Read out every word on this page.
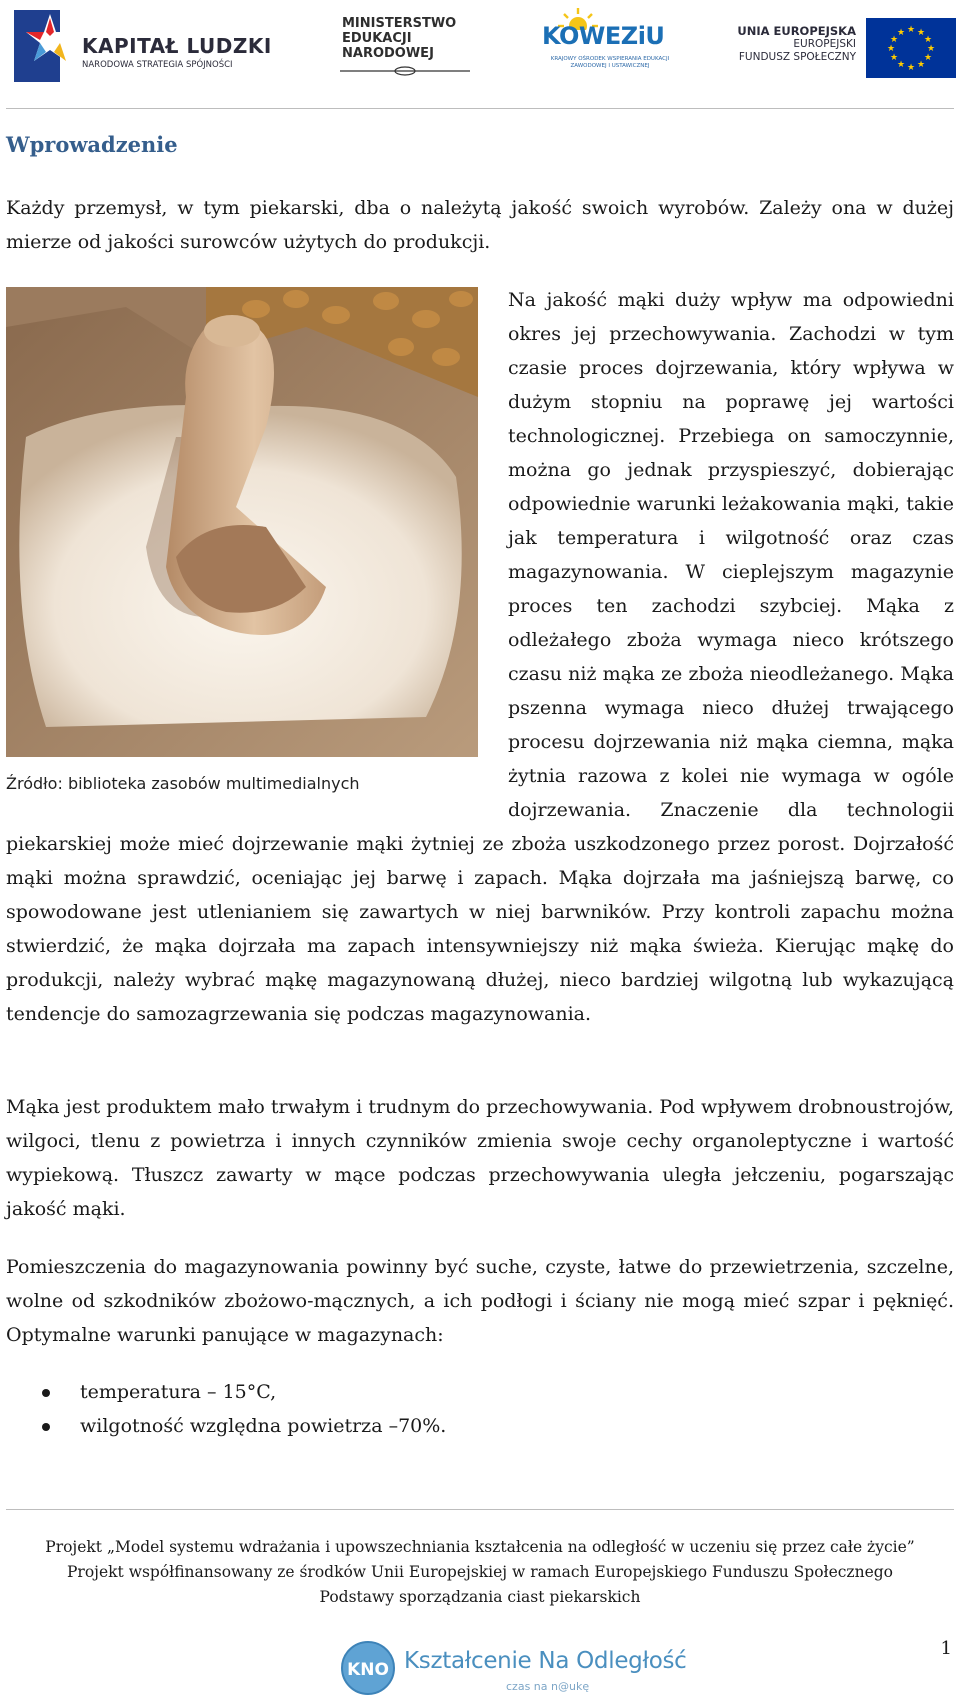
KAPITAŁ LUDZKI
NARODOWA STRATEGIA SPÓJNOŚCI
MINISTERSTWO
EDUKACJI
NARODOWEJ
KOWEZiU
KRAJOWY OŚRODEK WSPIERANIA EDUKACJI ZAWODOWEJ I USTAWICZNEJ
UNIA EUROPEJSKA
EUROPEJSKI
FUNDUSZ SPOŁECZNY
★ ★
★
★
★
★
★
★
★
★
★
★
Wprowadzenie

Każdy przemysł, w tym piekarski, dba o należytą jakość swoich wyrobów. Zależy ona w dużej mierze od jakości surowców użytych do produkcji.

Źródło: biblioteka zasobów multimedialnych
Na jakość mąki duży wpływ ma odpowiedni okres jej przechowywania. Zachodzi w tym czasie proces dojrzewania, który wpływa w dużym stopniu na poprawę jej wartości technologicznej. Przebiega on samoczynnie, można go jednak przyspieszyć, dobierając odpowiednie warunki leżakowania mąki, takie jak temperatura i wilgotność oraz czas magazynowania. W cieplejszym magazynie proces ten zachodzi szybciej. Mąka z odleżałego zboża wymaga nieco krótszego czasu niż mąka ze zboża nieodleżanego. Mąka pszenna wymaga nieco dłużej trwającego procesu dojrzewania niż mąka ciemna, mąka żytnia razowa z kolei nie wymaga w ogóle dojrzewania. Znaczenie dla technologii piekarskiej może mieć dojrzewanie mąki żytniej ze zboża uszkodzonego przez porost. Dojrzałość mąki można sprawdzić, oceniając jej barwę i zapach. Mąka dojrzała ma jaśniejszą barwę, co spowodowane jest utlenianiem się zawartych w niej barwników. Przy kontroli zapachu można stwierdzić, że mąka dojrzała ma zapach intensywniejszy niż mąka świeża. Kierując mąkę do produkcji, należy wybrać mąkę magazynowaną dłużej, nieco bardziej wilgotną lub wykazującą tendencje do samozagrzewania się podczas magazynowania.

Mąka jest produktem mało trwałym i trudnym do przechowywania. Pod wpływem drobnoustrojów, wilgoci, tlenu z powietrza i innych czynników zmienia swoje cechy organoleptyczne i wartość wypiekową. Tłuszcz zawarty w mące podczas przechowywania uległa jełczeniu, pogarszając jakość mąki.

Pomieszczenia do magazynowania powinny być suche, czyste, łatwe do przewietrzenia, szczelne, wolne od szkodników zbożowo-mącznych, a ich podłogi i ściany nie mogą mieć szpar i pęknięć. Optymalne warunki panujące w magazynach:

temperatura – 15°C,
wilgotność względna powietrza –70%.
Projekt „Model systemu wdrażania i upowszechniania kształcenia na odległość w uczeniu się przez całe życie”
Projekt współfinansowany ze środków Unii Europejskiej w ramach Europejskiego Funduszu Społecznego
Podstawy sporządzania ciast piekarskich
1
KNO Kształcenie Na Odległość
czas na n@ukę
